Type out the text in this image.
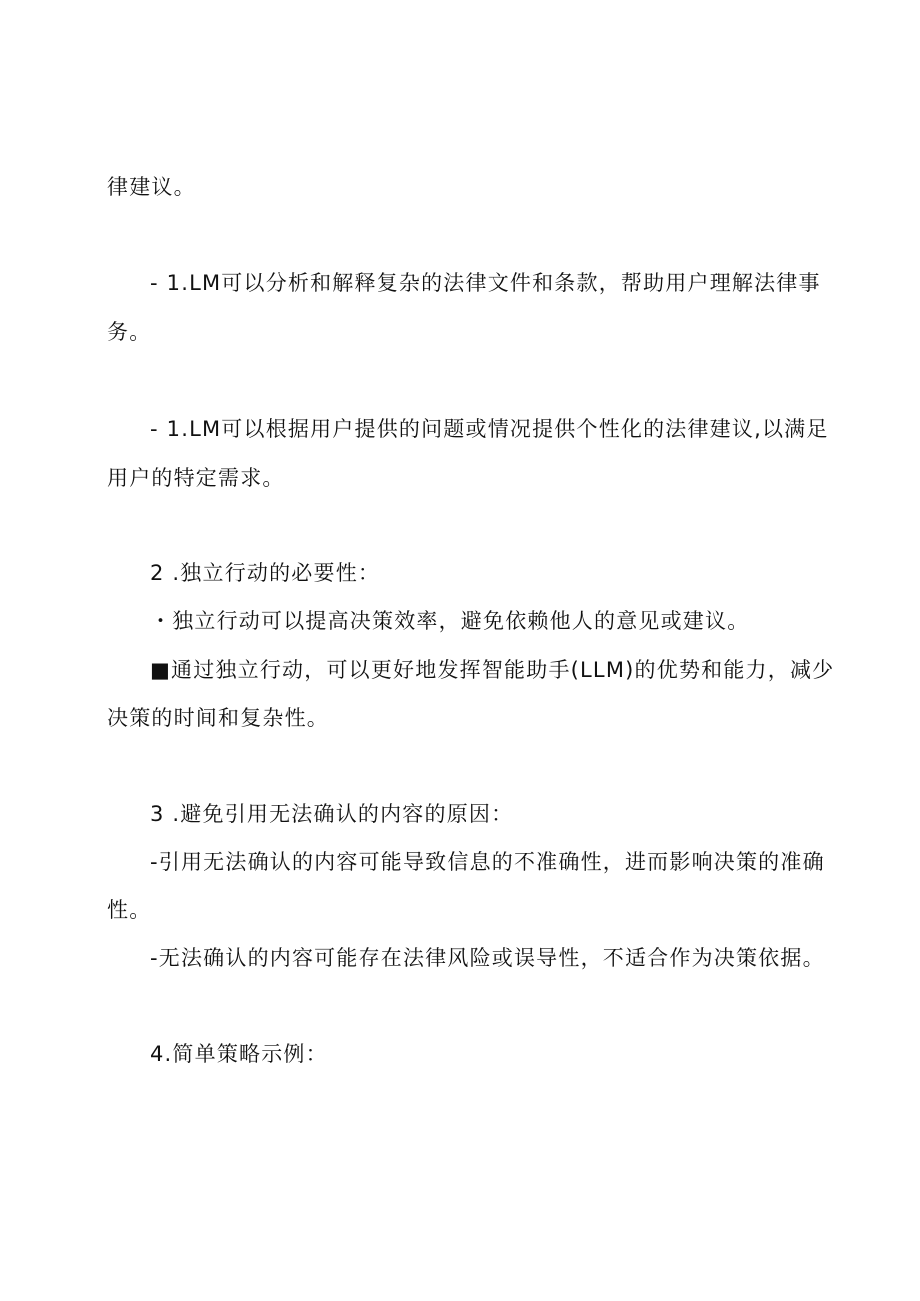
律建议。
- 1.LM可以分析和解释复杂的法律文件和条款，帮助用户理解法律事
务。
- 1.LM可以根据用户提供的问题或情况提供个性化的法律建议,以满足
用户的特定需求。
2 .独立行动的必要性：
・独立行动可以提高决策效率，避免依赖他人的意见或建议。
■通过独立行动，可以更好地发挥智能助手(LLM)的优势和能力，减少
决策的时间和复杂性。
3 .避免引用无法确认的内容的原因：
-引用无法确认的内容可能导致信息的不准确性，进而影响决策的准确
性。
-无法确认的内容可能存在法律风险或误导性，不适合作为决策依据。
4.简单策略示例：
